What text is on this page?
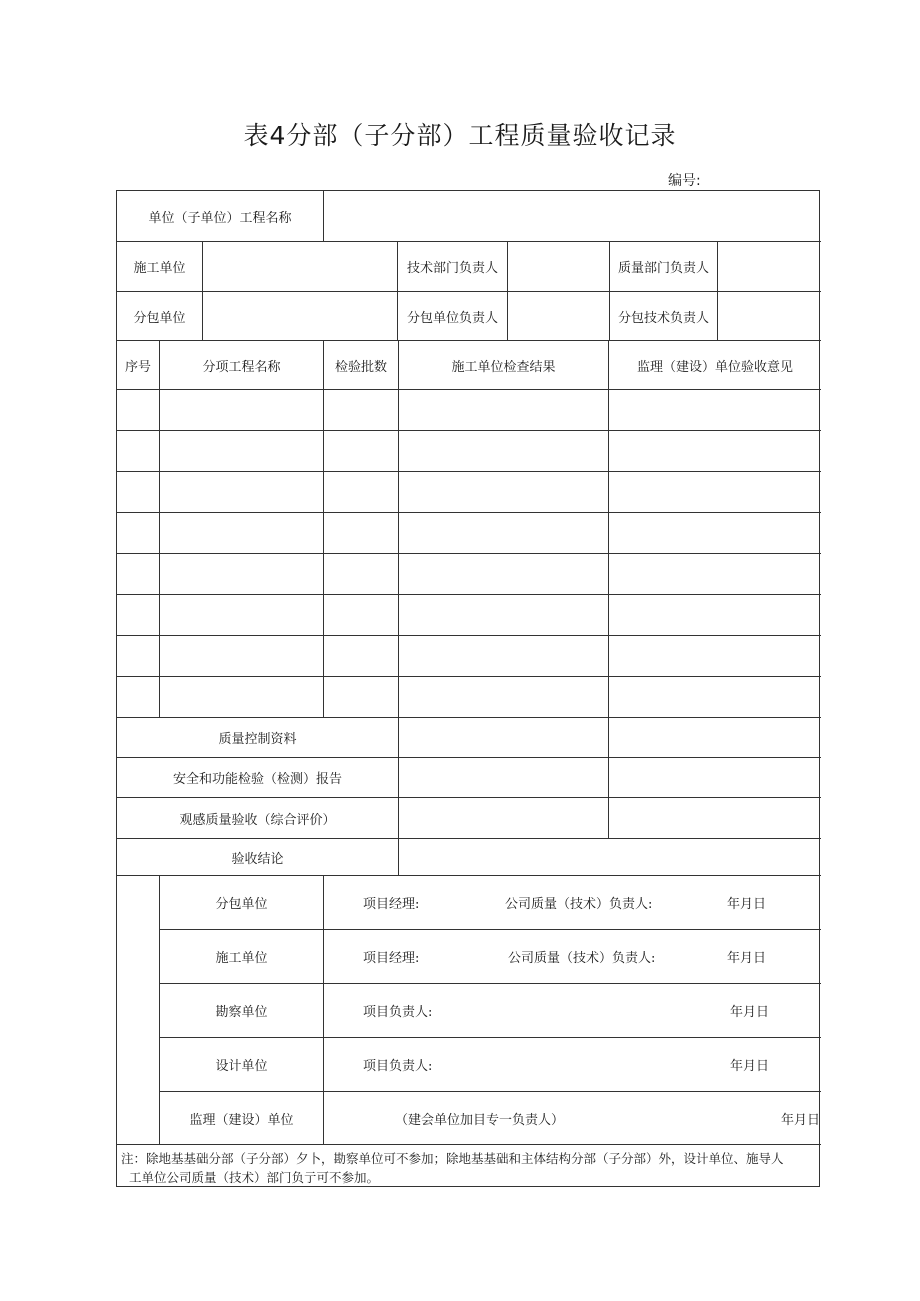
表4分部（子分部）工程质量验收记录
编号:
单位（子单位）工程名称
施工单位	技术部门负责人	质量部门负责人
分包单位	分包单位负责人	分包技术负责人
序号	分项工程名称	检验批数	施工单位检查结果	监理（建设）单位验收意见
质量控制资料
安全和功能检验（检测）报告
观感质量验收（综合评价）
验收结论
分包单位	项目经理:	公司质量（技术）负责人:	年月日
施工单位	项目经理:	公司质量（技术）负责人:	年月日
勘察单位	项目负责人:	年月日
设计单位	项目负责人:	年月日
监理（建设）单位	（建会单位加目专一负责人）	年月日
注：除地基基础分部（子分部）夕卜，勘察单位可不参加；除地基基础和主体结构分部（子分部）外，设计单位、施导人
工单位公司质量（技术）部门负亍可不参加。
